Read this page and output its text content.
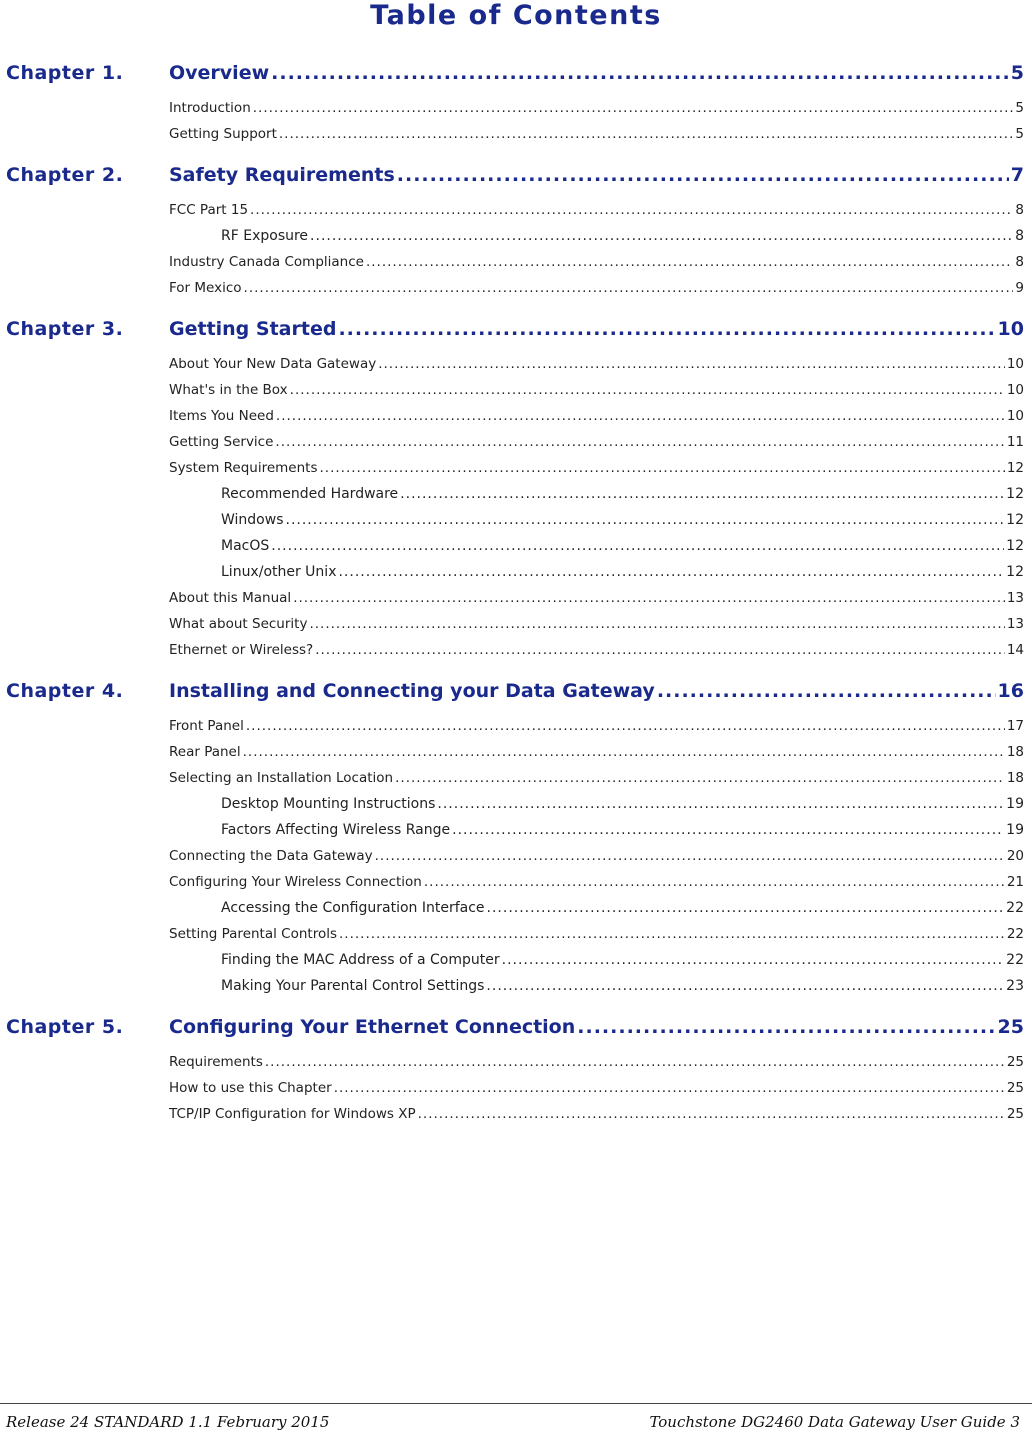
Table of Contents
Chapter 1. Overview .....	5
Introduction .....	5
Getting Support .....	5
Chapter 2. Safety Requirements .....	7
FCC Part 15 .....	8
RF Exposure .....	8
Industry Canada Compliance .....	8
For Mexico .....	9
Chapter 3. Getting Started .....	10
About Your New Data Gateway .....	10
What's in the Box .....	10
Items You Need .....	10
Getting Service .....	11
System Requirements .....	12
Recommended Hardware .....	12
Windows .....	12
MacOS .....	12
Linux/other Unix .....	12
About this Manual .....	13
What about Security .....	13
Ethernet or Wireless? .....	14
Chapter 4. Installing and Connecting your Data Gateway .....	16
Front Panel .....	17
Rear Panel .....	18
Selecting an Installation Location .....	18
Desktop Mounting Instructions .....	19
Factors Affecting Wireless Range .....	19
Connecting the Data Gateway .....	20
Configuring Your Wireless Connection .....	21
Accessing the Configuration Interface .....	22
Setting Parental Controls .....	22
Finding the MAC Address of a Computer .....	22
Making Your Parental Control Settings .....	23
Chapter 5. Configuring Your Ethernet Connection .....	25
Requirements .....	25
How to use this Chapter .....	25
TCP/IP Configuration for Windows XP .....	25
Release 24 STANDARD 1.1 February 2015	Touchstone DG2460 Data Gateway User Guide 3
